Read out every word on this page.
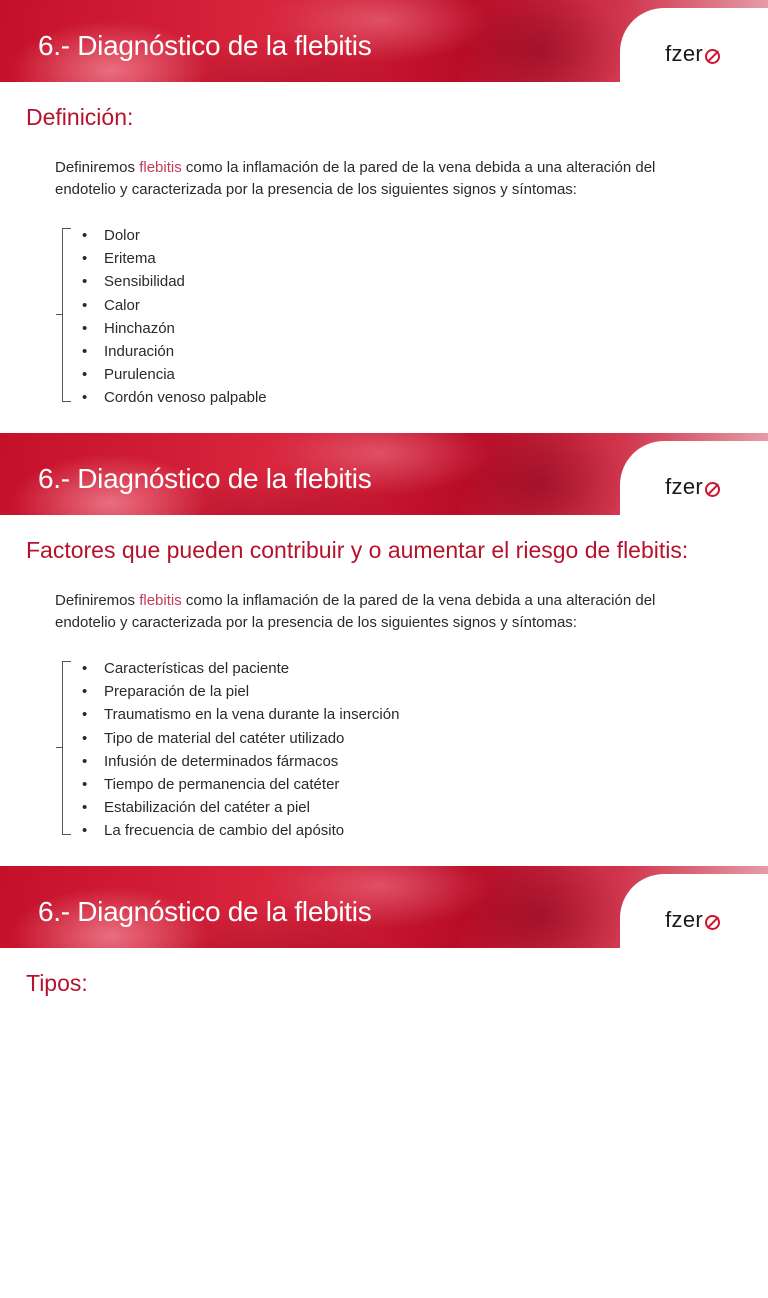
6.- Diagnóstico de la flebitis	fzer
Definición:
Definiremos flebitis como la inflamación de la pared de la vena debida a una alteración del endotelio y caracterizada por la presencia de los siguientes signos y síntomas:
•	Dolor
•	Eritema
•	Sensibilidad
•	Calor
•	Hinchazón
•	Induración
•	Purulencia
•	Cordón venoso palpable
6.- Diagnóstico de la flebitis	fzer
Factores que pueden contribuir y o aumentar el riesgo de flebitis:
Definiremos flebitis como la inflamación de la pared de la vena debida a una alteración del endotelio y caracterizada por la presencia de los siguientes signos y síntomas:
•	Características del paciente
•	Preparación de la piel
•	Traumatismo en la vena durante la inserción
•	Tipo de material del catéter utilizado
•	Infusión de determinados fármacos
•	Tiempo de permanencia del catéter
•	Estabilización del catéter a piel
•	La frecuencia de cambio del apósito
6.- Diagnóstico de la flebitis	fzer
Tipos:
